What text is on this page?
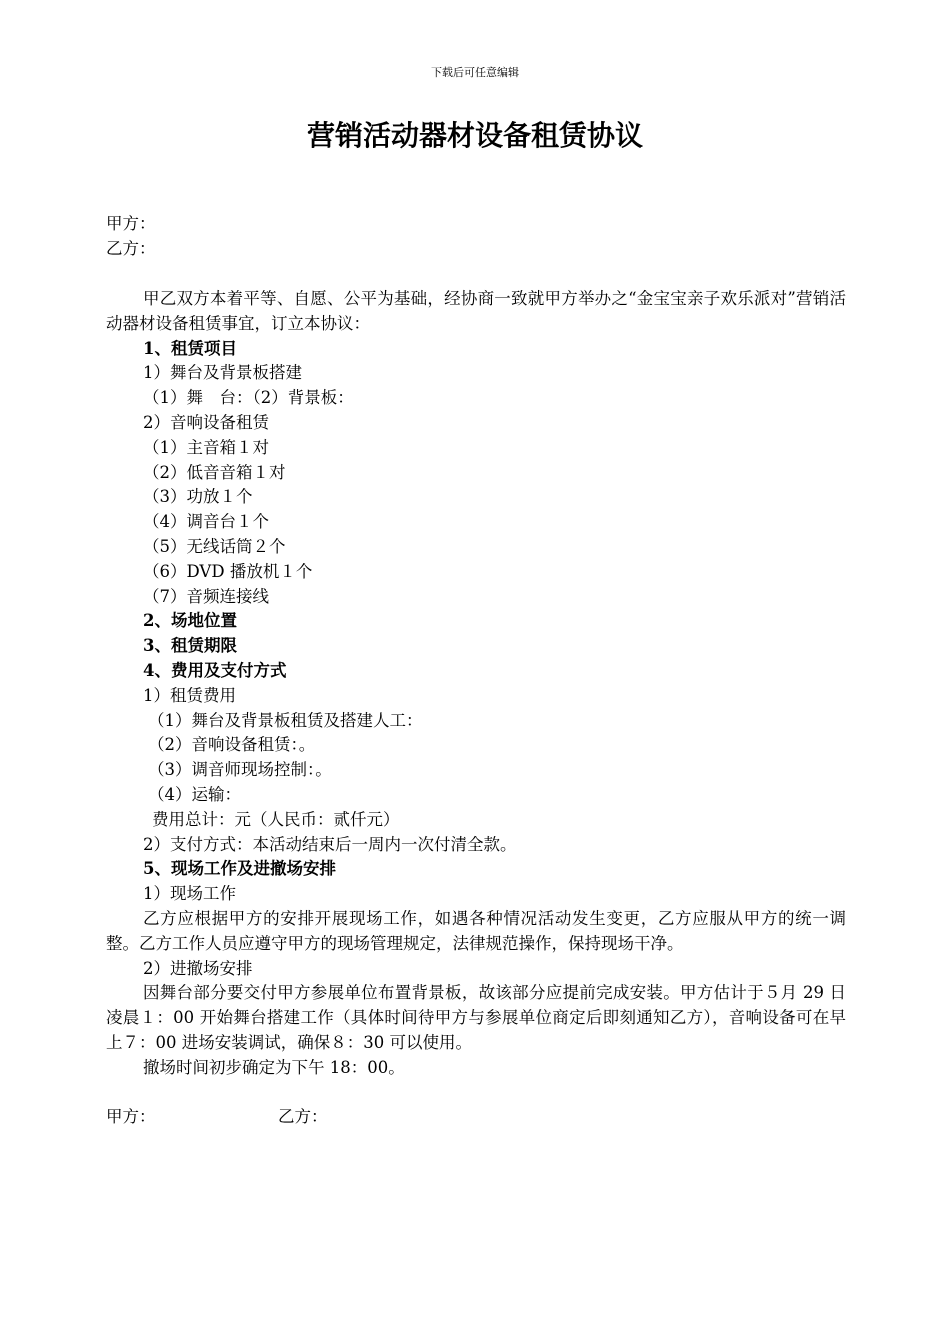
下载后可任意编辑
营销活动器材设备租赁协议
甲方：
乙方：
甲乙双方本着平等、自愿、公平为基础，经协商一致就甲方举办之“金宝宝亲子欢乐派对”营销活动器材设备租赁事宜，订立本协议：
1、租赁项目
1）舞台及背景板搭建
（1）舞　台：（2）背景板：
2）音响设备租赁
（1）主音箱１对
（2）低音音箱１对
（3）功放１个
（4）调音台１个
（5）无线话筒２个
（6）DVD 播放机１个
（7）音频连接线
2、场地位置
3、租赁期限
4、费用及支付方式
1）租赁费用
（1）舞台及背景板租赁及搭建人工：
（2）音响设备租赁：。
（3）调音师现场控制：。
（4）运输：
费用总计：元（人民币：贰仟元）
2）支付方式：本活动结束后一周内一次付清全款。
5、现场工作及进撤场安排
1）现场工作
乙方应根据甲方的安排开展现场工作，如遇各种情况活动发生变更，乙方应服从甲方的统一调整。乙方工作人员应遵守甲方的现场管理规定，法律规范操作，保持现场干净。
2）进撤场安排
因舞台部分要交付甲方参展单位布置背景板，故该部分应提前完成安装。甲方估计于５月 29 日凌晨１：00 开始舞台搭建工作（具体时间待甲方与参展单位商定后即刻通知乙方），音响设备可在早上７：00 进场安装调试，确保８：30 可以使用。
撤场时间初步确定为下午 18：00。
甲方：	乙方：
